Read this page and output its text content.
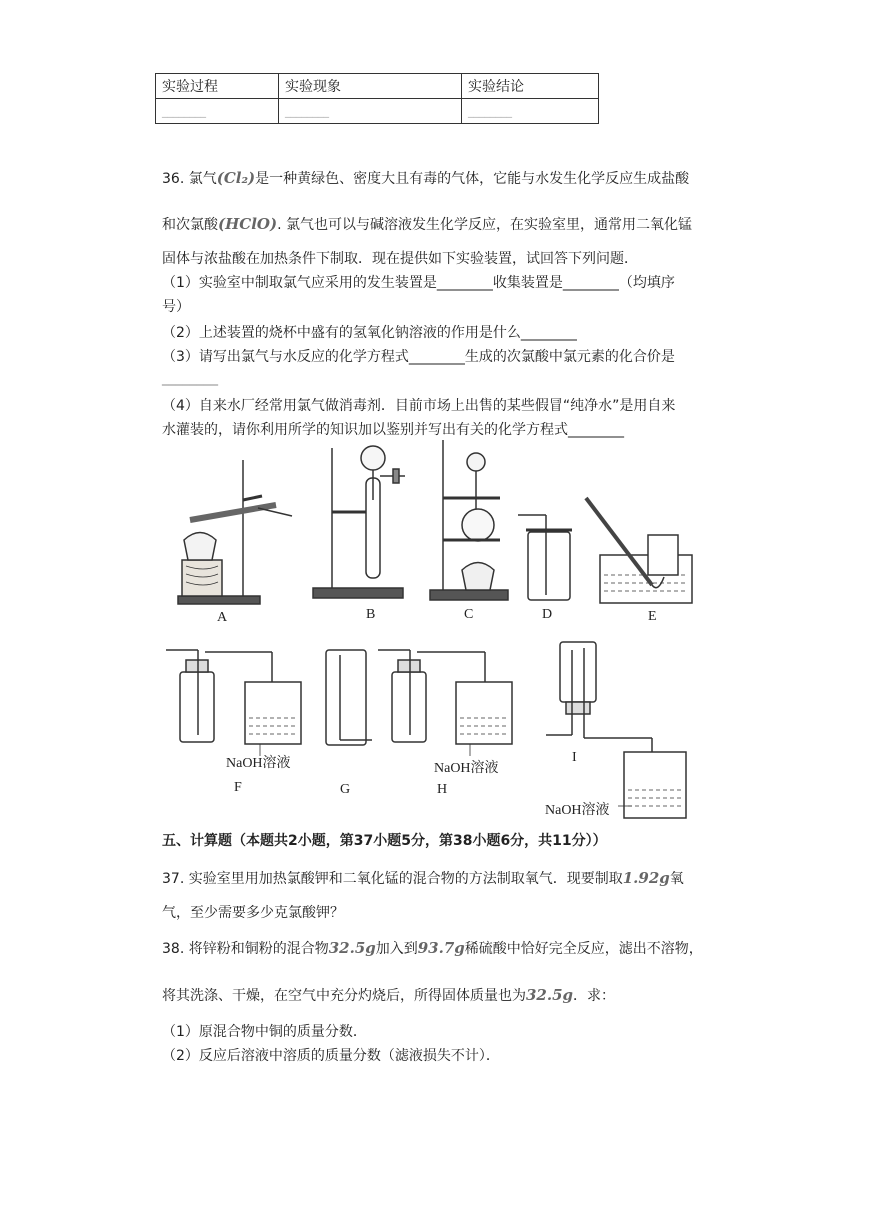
实验过程	实验现象	实验结论
________	________	________
36. 氯气(Cl₂)是一种黄绿色、密度大且有毒的气体，它能与水发生化学反应生成盐酸
和次氯酸(HClO). 氯气也可以与碱溶液发生化学反应，在实验室里，通常用二氧化锰
固体与浓盐酸在加热条件下制取．现在提供如下实验装置，试回答下列问题．
（1）实验室中制取氯气应采用的发生装置是________收集装置是________（均填序
号）
（2）上述装置的烧杯中盛有的氢氧化钠溶液的作用是什么________
（3）请写出氯气与水反应的化学方程式________生成的次氯酸中氯元素的化合价是
________
（4）自来水厂经常用氯气做消毒剂．目前市场上出售的某些假冒“纯净水”是用自来
水灌装的，请你利用所学的知识加以鉴别并写出有关的化学方程式________
A	B	C	D	E
NaOH溶液
F	G
NaOH溶液
H
I
NaOH溶液
五、计算题（本题共2小题，第37小题5分，第38小题6分，共11分））
37. 实验室里用加热氯酸钾和二氧化锰的混合物的方法制取氧气．现要制取1.92g氧
气，至少需要多少克氯酸钾？
38. 将锌粉和铜粉的混合物32.5g加入到93.7g稀硫酸中恰好完全反应，滤出不溶物，
将其洗涤、干燥，在空气中充分灼烧后，所得固体质量也为32.5g．求：
（1）原混合物中铜的质量分数．
（2）反应后溶液中溶质的质量分数（滤液损失不计）．
